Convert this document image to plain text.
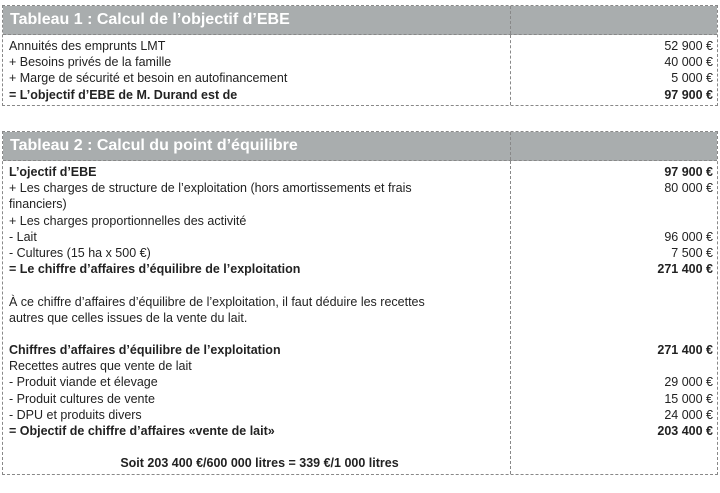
Tableau 1 : Calcul de l’objectif d’EBE
Annuités des emprunts LMT
+ Besoins privés de la famille
+ Marge de sécurité et besoin en autofinancement
= L’objectif d’EBE de M. Durand est de
52 900 €
40 000 €
5 000 €
97 900 €
Tableau 2 : Calcul du point d’équilibre
L’ojectif d’EBE
+ Les charges de structure de l’exploitation (hors amortissements et frais
financiers)
+ Les charges proportionnelles des activité
- Lait
- Cultures (15 ha x 500 €)
= Le chiffre d’affaires d’équilibre de l’exploitation
À ce chiffre d’affaires d’équilibre de l’exploitation, il faut déduire les recettes
autres que celles issues de la vente du lait.
Chiffres d’affaires d’équilibre de l’exploitation
Recettes autres que vente de lait
- Produit viande et élevage
- Produit cultures de vente
- DPU et produits divers
= Objectif de chiffre d’affaires «vente de lait»
Soit 203 400 €/600 000 litres = 339 €/1 000 litres
97 900 €
80 000 €
96 000 €
7 500 €
271 400 €
271 400 €
29 000 €
15 000 €
24 000 €
203 400 €
